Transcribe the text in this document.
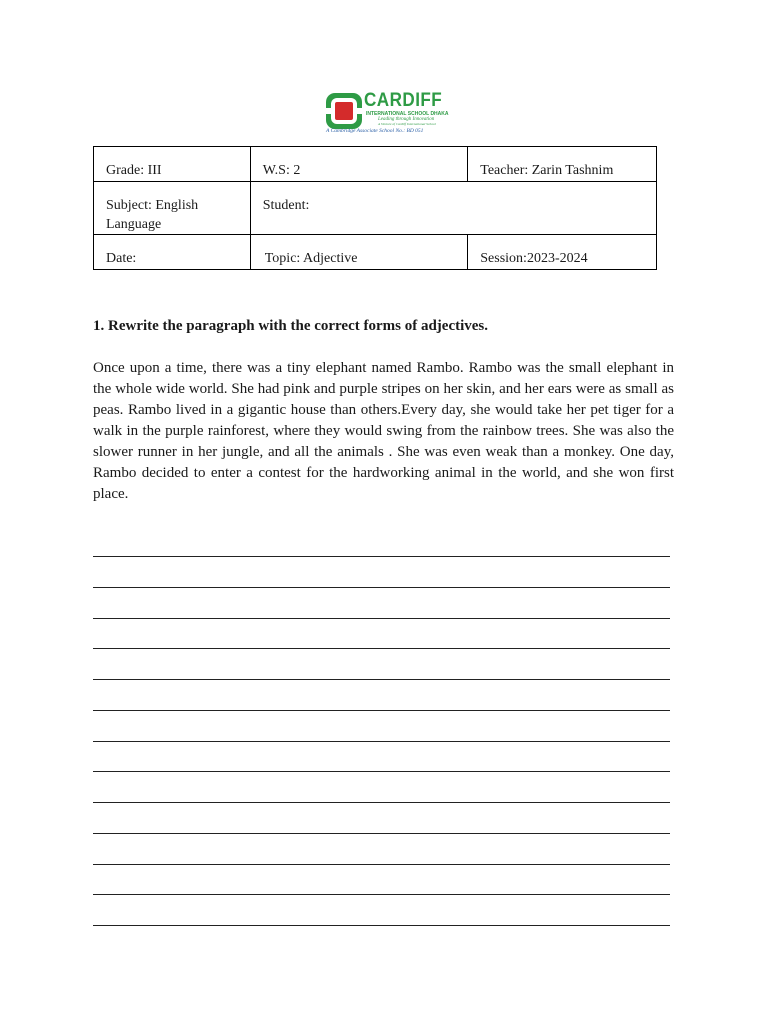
CARDIFF
INTERNATIONAL SCHOOL DHAKA
Leading through Innovation
A Venture of Cardiff International School
A Cambridge Associate School No.: BD 051
Grade: III	W.S: 2	Teacher: Zarin Tashnim

Subject: English Language	Student:	

Date:	Topic: Adjective	Session:2023-2024
1. Rewrite the paragraph with the correct forms of adjectives.
Once upon a time, there was a tiny elephant named Rambo. Rambo was the small elephant in the whole wide world. She had pink and purple stripes on her skin, and her ears were as small as peas. Rambo lived in a gigantic house than others.Every day, she would take her pet tiger for a walk in the purple rainforest, where they would swing from the rainbow trees. She was also the slower runner in her jungle, and all the animals . She was even weak than a monkey. One day, Rambo decided to enter a contest for the hardworking animal in the world, and she won first place.
